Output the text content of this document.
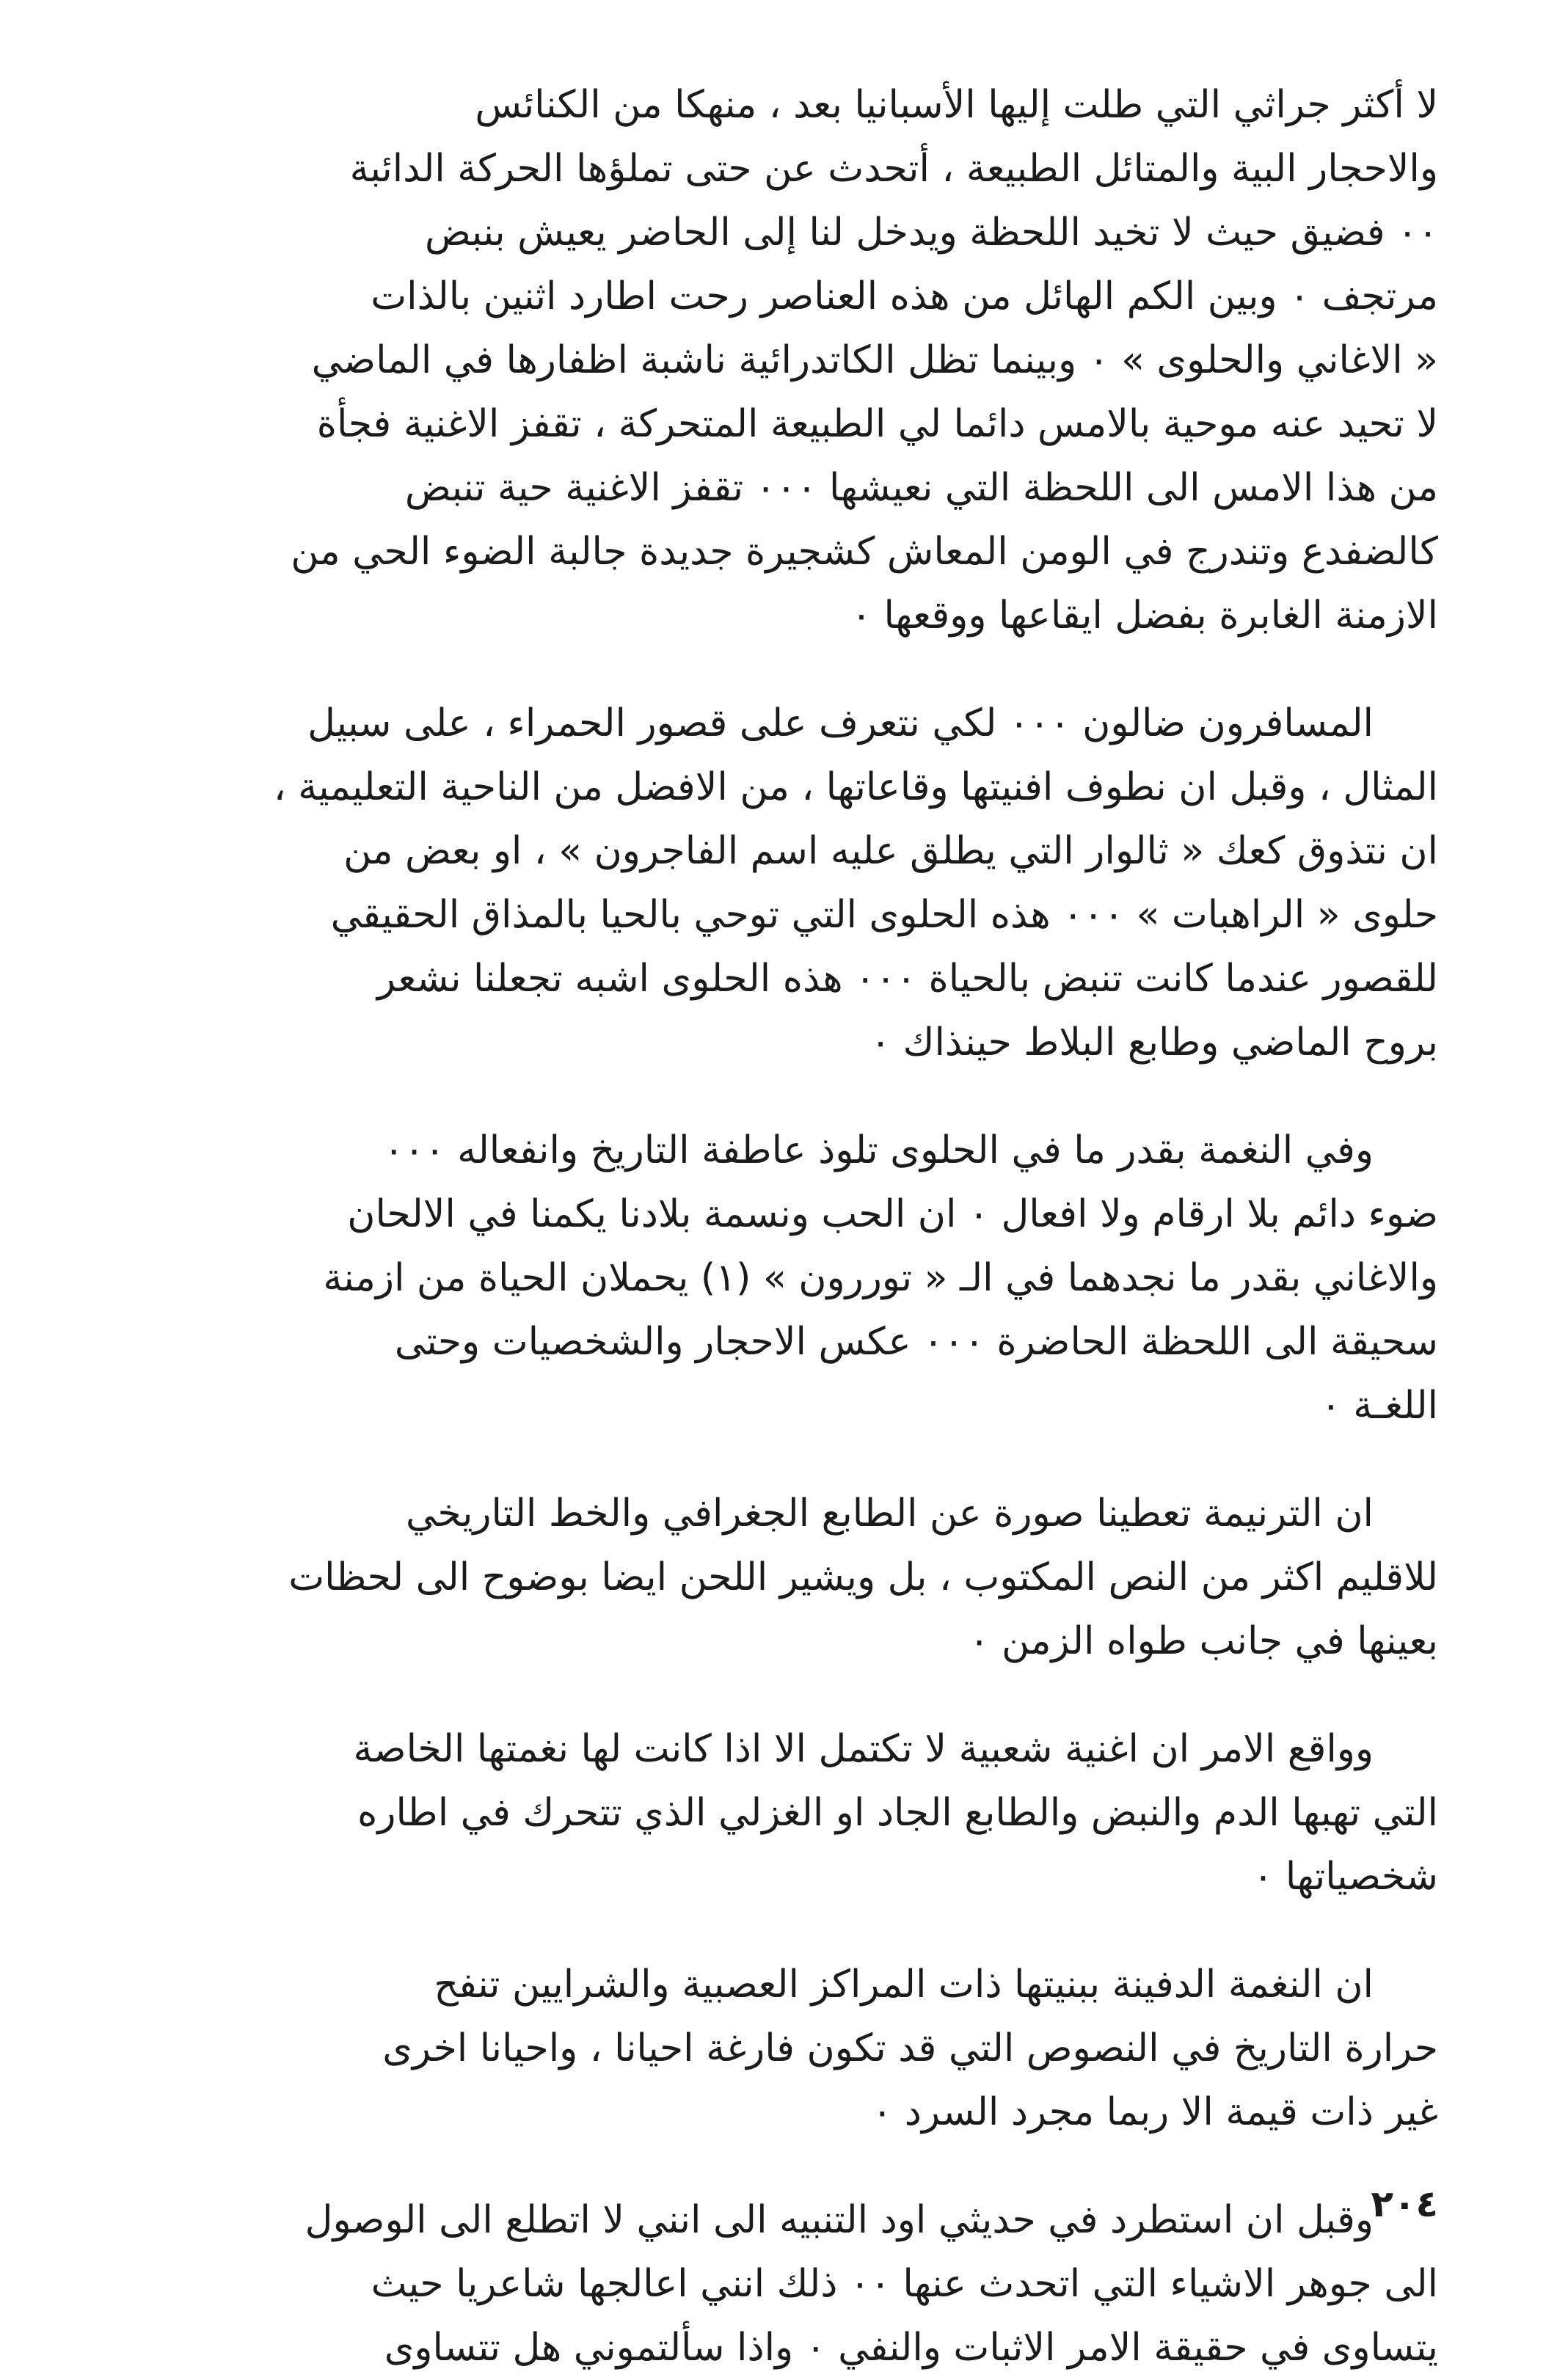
لا أكثر جراثي التي طلت إليها الأسبانيا بعد ، منهكا من الكنائس
والاحجار البية والمتائل الطبيعة ، أتحدث عن حتى تملؤها الحركة الدائبة
٠٠ فضيق حيث لا تخيد اللحظة ويدخل لنا إلى الحاضر يعيش بنبض
مرتجف ٠ وبين الكم الهائل من هذه العناصر رحت اطارد اثنين بالذات
« الاغاني والحلوى » ٠ وبينما تظل الكاتدرائية ناشبة اظفارها في الماضي
لا تحيد عنه موحية بالامس دائما لي الطبيعة المتحركة ، تقفز الاغنية فجأة
من هذا الامس الى اللحظة التي نعيشها ٠٠٠ تقفز الاغنية حية تنبض
كالضفدع وتندرج في الومن المعاش كشجيرة جديدة جالبة الضوء الحي من
الازمنة الغابرة بفضل ايقاعها ووقعها ٠
المسافرون ضالون ٠٠٠ لكي نتعرف على قصور الحمراء ، على سبيل
المثال ، وقبل ان نطوف افنيتها وقاعاتها ، من الافضل من الناحية التعليمية ،
ان نتذوق كعك « ثالوار التي يطلق عليه اسم الفاجرون » ، او بعض من
حلوى « الراهبات » ٠٠٠ هذه الحلوى التي توحي بالحيا بالمذاق الحقيقي
للقصور عندما كانت تنبض بالحياة ٠٠٠ هذه الحلوى اشبه تجعلنا نشعر
بروح الماضي وطابع البلاط حينذاك ٠
وفي النغمة بقدر ما في الحلوى تلوذ عاطفة التاريخ وانفعاله ٠٠٠
ضوء دائم بلا ارقام ولا افعال ٠ ان الحب ونسمة بلادنا يكمنا في الالحان
والاغاني بقدر ما نجدهما في الـ « توررون » (١) يحملان الحياة من ازمنة
سحيقة الى اللحظة الحاضرة ٠٠٠ عكس الاحجار والشخصيات وحتى
اللغـة ٠
ان الترنيمة تعطينا صورة عن الطابع الجغرافي والخط التاريخي
للاقليم اكثر من النص المكتوب ، بل ويشير اللحن ايضا بوضوح الى لحظات
بعينها في جانب طواه الزمن ٠
وواقع الامر ان اغنية شعبية لا تكتمل الا اذا كانت لها نغمتها الخاصة
التي تهبها الدم والنبض والطابع الجاد او الغزلي الذي تتحرك في اطاره
شخصياتها ٠
ان النغمة الدفينة ببنيتها ذات المراكز العصبية والشرايين تنفح
حرارة التاريخ في النصوص التي قد تكون فارغة احيانا ، واحيانا اخرى
غير ذات قيمة الا ربما مجرد السرد ٠
وقبل ان استطرد في حديثي اود التنبيه الى انني لا اتطلع الى الوصول
الى جوهر الاشياء التي اتحدث عنها ٠٠ ذلك انني اعالجها شاعريا حيث
يتساوى في حقيقة الامر الاثبات والنفي ٠ واذا سألتموني هل تتساوى
٢٠٤
